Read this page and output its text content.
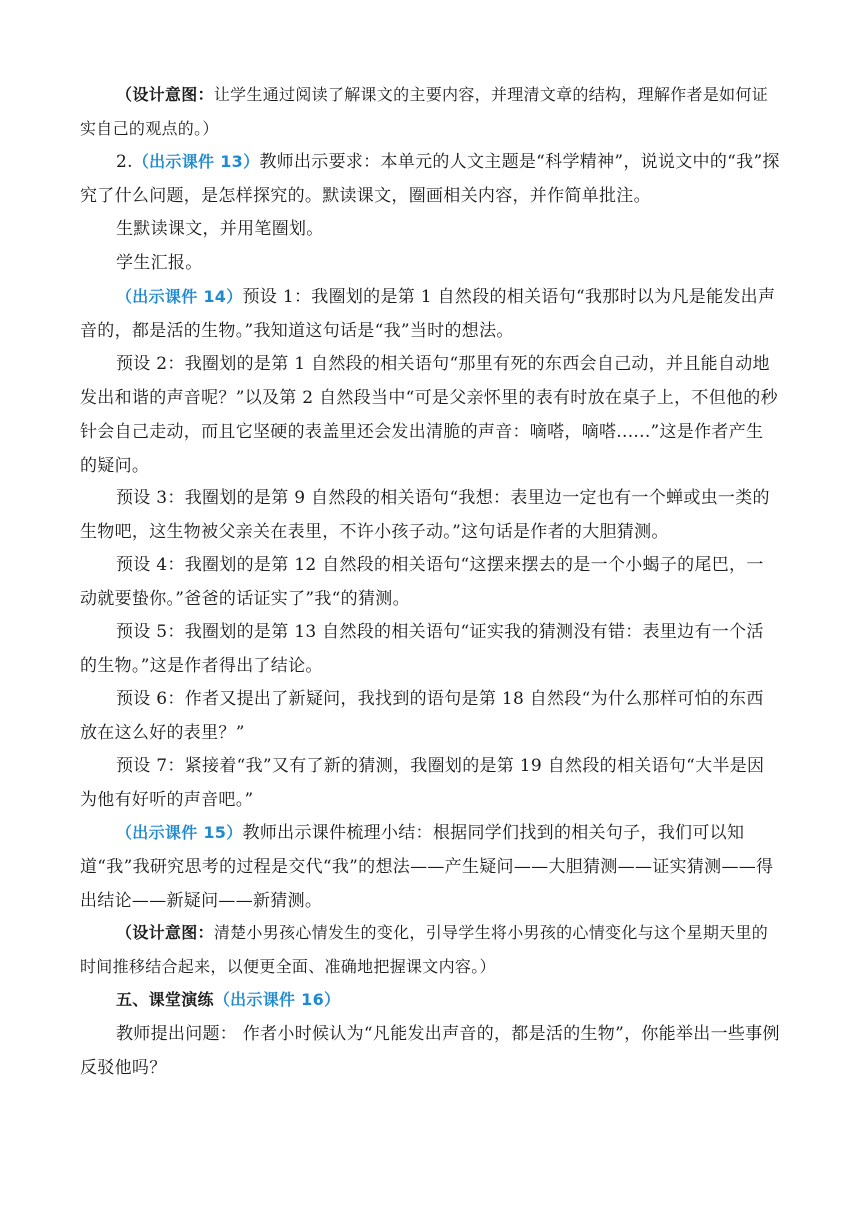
（设计意图：让学生通过阅读了解课文的主要内容，并理清文章的结构，理解作者是如何证实自己的观点的。）

2.（出示课件 13）教师出示要求：本单元的人文主题是“科学精神”，说说文中的“我”探究了什么问题，是怎样探究的。默读课文，圈画相关内容，并作简单批注。

生默读课文，并用笔圈划。

学生汇报。

（出示课件 14）预设 1：我圈划的是第 1 自然段的相关语句“我那时以为凡是能发出声音的，都是活的生物。”我知道这句话是“我”当时的想法。

预设 2：我圈划的是第 1 自然段的相关语句“那里有死的东西会自己动，并且能自动地发出和谐的声音呢？”以及第 2 自然段当中“可是父亲怀里的表有时放在桌子上，不但他的秒针会自己走动，而且它坚硬的表盖里还会发出清脆的声音：嘀嗒，嘀嗒......”这是作者产生的疑问。

预设 3：我圈划的是第 9 自然段的相关语句“我想：表里边一定也有一个蝉或虫一类的生物吧，这生物被父亲关在表里，不许小孩子动。”这句话是作者的大胆猜测。

预设 4：我圈划的是第 12 自然段的相关语句“这摆来摆去的是一个小蝎子的尾巴，一动就要蛰你。”爸爸的话证实了”我“的猜测。

预设 5：我圈划的是第 13 自然段的相关语句“证实我的猜测没有错：表里边有一个活的生物。”这是作者得出了结论。

预设 6：作者又提出了新疑问，我找到的语句是第 18 自然段“为什么那样可怕的东西放在这么好的表里？”

预设 7：紧接着“我”又有了新的猜测，我圈划的是第 19 自然段的相关语句“大半是因为他有好听的声音吧。”

（出示课件 15）教师出示课件梳理小结：根据同学们找到的相关句子，我们可以知道“我”我研究思考的过程是交代“我”的想法——产生疑问——大胆猜测——证实猜测——得出结论——新疑问——新猜测。

（设计意图：清楚小男孩心情发生的变化，引导学生将小男孩的心情变化与这个星期天里的时间推移结合起来，以便更全面、准确地把握课文内容。）

五、课堂演练（出示课件 16）

教师提出问题： 作者小时候认为“凡能发出声音的，都是活的生物”，你能举出一些事例反驳他吗？
